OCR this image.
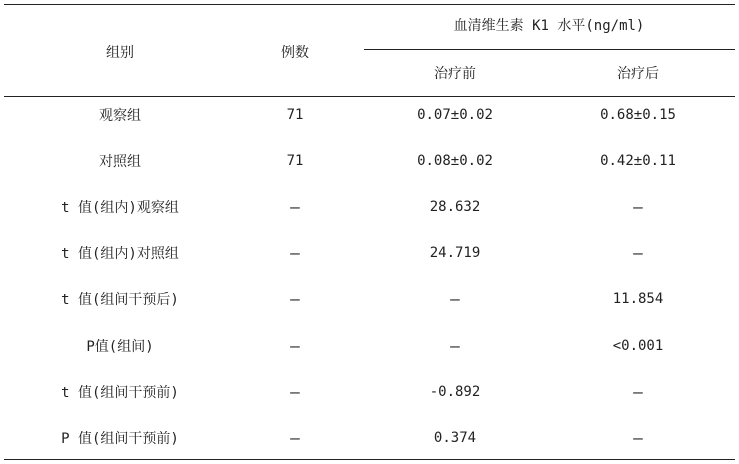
组别	例数
血清维生素 K1 水平(ng/ml)
治疗前	治疗后
观察组	71	0.07±0.02	0.68±0.15
对照组	71	0.08±0.02	0.42±0.11
t 值(组内)观察组	—	28.632	—
t 值(组内)对照组	—	24.719	—
t 值(组间干预后)	—	—	11.854
P值(组间)	—	—	<0.001
t 值(组间干预前)	—	-0.892	—
P 值(组间干预前)	—	0.374	—
